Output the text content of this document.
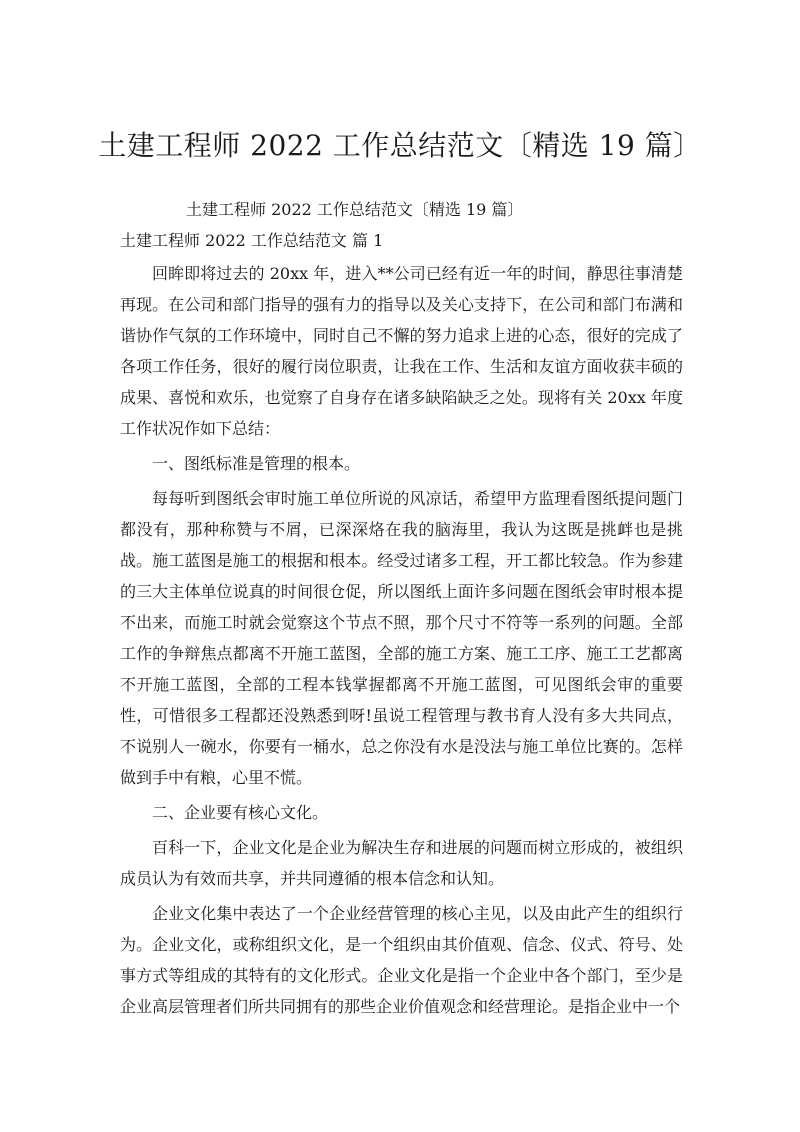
土建工程师 2022 工作总结范文〔精选 19 篇〕
土建工程师 2022 工作总结范文〔精选 19 篇〕
土建工程师 2022 工作总结范文 篇 1

回眸即将过去的 20xx 年，进入**公司已经有近一年的时间，静思往事清楚再现。在公司和部门指导的强有力的指导以及关心支持下，在公司和部门布满和谐协作气氛的工作环境中，同时自己不懈的努力追求上进的心态，很好的完成了各项工作任务，很好的履行岗位职责，让我在工作、生活和友谊方面收获丰硕的成果、喜悦和欢乐，也觉察了自身存在诸多缺陷缺乏之处。现将有关 20xx 年度工作状况作如下总结：

一、图纸标准是管理的根本。

每每听到图纸会审时施工单位所说的风凉话，希望甲方监理看图纸提问题门都没有，那种称赞与不屑，已深深烙在我的脑海里，我认为这既是挑衅也是挑战。施工蓝图是施工的根据和根本。经受过诸多工程，开工都比较急。作为参建的三大主体单位说真的时间很仓促，所以图纸上面许多问题在图纸会审时根本提不出来，而施工时就会觉察这个节点不照，那个尺寸不符等一系列的问题。全部工作的争辩焦点都离不开施工蓝图，全部的施工方案、施工工序、施工工艺都离不开施工蓝图，全部的工程本钱掌握都离不开施工蓝图，可见图纸会审的重要性，可惜很多工程都还没熟悉到呀!虽说工程管理与教书育人没有多大共同点，不说别人一碗水，你要有一桶水，总之你没有水是没法与施工单位比赛的。怎样做到手中有粮，心里不慌。

二、企业要有核心文化。

百科一下，企业文化是企业为解决生存和进展的问题而树立形成的，被组织成员认为有效而共享，并共同遵循的根本信念和认知。

企业文化集中表达了一个企业经营管理的核心主见，以及由此产生的组织行为。企业文化，或称组织文化，是一个组织由其价值观、信念、仪式、符号、处事方式等组成的其特有的文化形式。企业文化是指一个企业中各个部门，至少是企业高层管理者们所共同拥有的那些企业价值观念和经营理论。是指企业中一个
